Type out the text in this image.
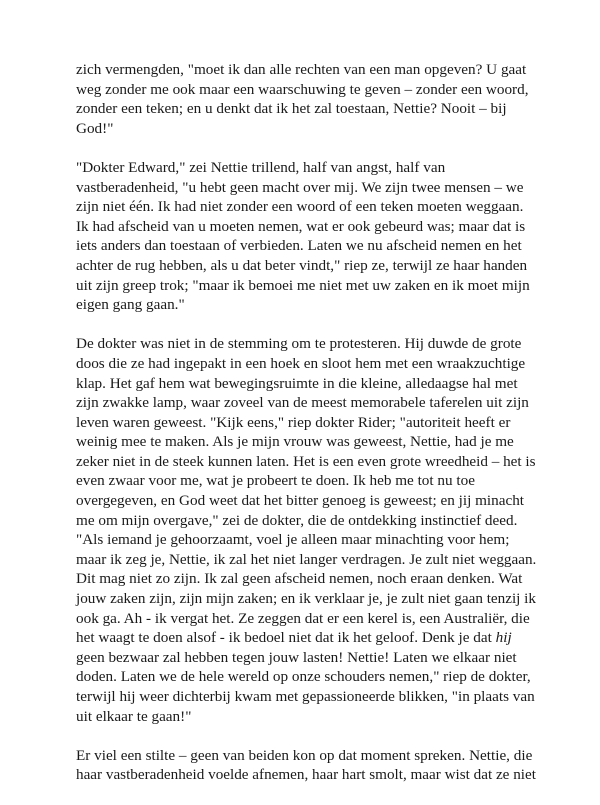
zich vermengden, "moet ik dan alle rechten van een man opgeven? U gaat
weg zonder me ook maar een waarschuwing te geven – zonder een woord,
zonder een teken; en u denkt dat ik het zal toestaan, Nettie? Nooit – bij
God!"

"Dokter Edward," zei Nettie trillend, half van angst, half van
vastberadenheid, "u hebt geen macht over mij. We zijn twee mensen – we
zijn niet één. Ik had niet zonder een woord of een teken moeten weggaan.
Ik had afscheid van u moeten nemen, wat er ook gebeurd was; maar dat is
iets anders dan toestaan of verbieden. Laten we nu afscheid nemen en het
achter de rug hebben, als u dat beter vindt," riep ze, terwijl ze haar handen
uit zijn greep trok; "maar ik bemoei me niet met uw zaken en ik moet mijn
eigen gang gaan."

De dokter was niet in de stemming om te protesteren. Hij duwde de grote
doos die ze had ingepakt in een hoek en sloot hem met een wraakzuchtige
klap. Het gaf hem wat bewegingsruimte in die kleine, alledaagse hal met
zijn zwakke lamp, waar zoveel van de meest memorabele taferelen uit zijn
leven waren geweest. "Kijk eens," riep dokter Rider; "autoriteit heeft er
weinig mee te maken. Als je mijn vrouw was geweest, Nettie, had je me
zeker niet in de steek kunnen laten. Het is een even grote wreedheid – het is
even zwaar voor me, wat je probeert te doen. Ik heb me tot nu toe
overgegeven, en God weet dat het bitter genoeg is geweest; en jij minacht
me om mijn overgave," zei de dokter, die de ontdekking instinctief deed.
"Als iemand je gehoorzaamt, voel je alleen maar minachting voor hem;
maar ik zeg je, Nettie, ik zal het niet langer verdragen. Je zult niet weggaan.
Dit mag niet zo zijn. Ik zal geen afscheid nemen, noch eraan denken. Wat
jouw zaken zijn, zijn mijn zaken; en ik verklaar je, je zult niet gaan tenzij ik
ook ga. Ah - ik vergat het. Ze zeggen dat er een kerel is, een Australiër, die
het waagt te doen alsof - ik bedoel niet dat ik het geloof. Denk je dat hij
geen bezwaar zal hebben tegen jouw lasten! Nettie! Laten we elkaar niet
doden. Laten we de hele wereld op onze schouders nemen," riep de dokter,
terwijl hij weer dichterbij kwam met gepassioneerde blikken, "in plaats van
uit elkaar te gaan!"

Er viel een stilte – geen van beiden kon op dat moment spreken. Nettie, die
haar vastberadenheid voelde afnemen, haar hart smolt, maar wist dat ze niet
